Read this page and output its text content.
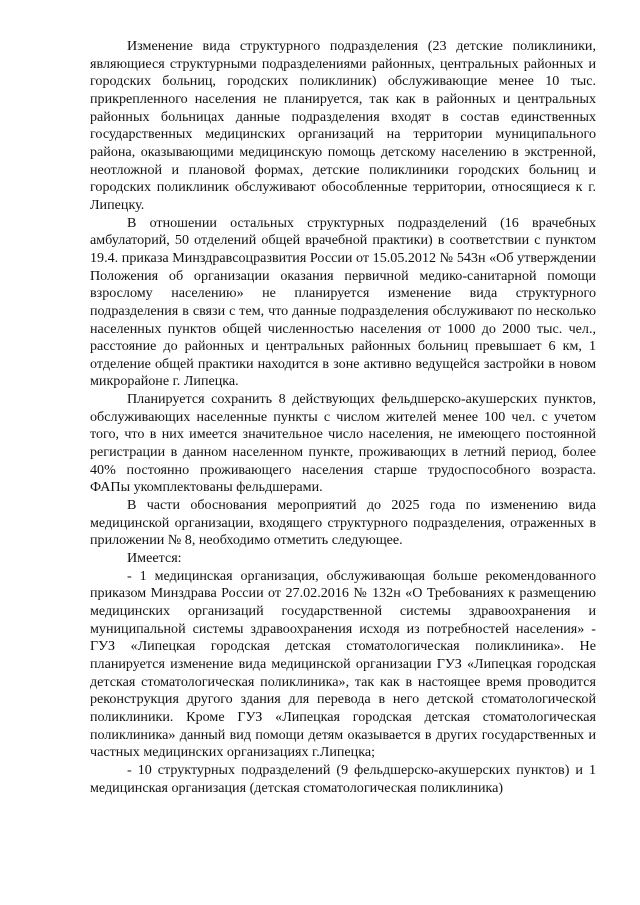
Изменение вида структурного подразделения (23 детские поликлиники, являющиеся структурными подразделениями районных, центральных районных и городских больниц, городских поликлиник) обслуживающие менее 10 тыс. прикрепленного населения не планируется, так как в районных и центральных районных больницах данные подразделения входят в состав единственных государственных медицинских организаций на территории муниципального района, оказывающими медицинскую помощь детскому населению в экстренной, неотложной и плановой формах, детские поликлиники городских больниц и городских поликлиник обслуживают обособленные территории, относящиеся к г. Липецку.

В отношении остальных структурных подразделений (16 врачебных амбулаторий, 50 отделений общей врачебной практики) в соответствии с пунктом 19.4. приказа Минздравсоцразвития России от 15.05.2012 № 543н «Об утверждении Положения об организации оказания первичной медико-санитарной помощи взрослому населению» не планируется изменение вида структурного подразделения в связи с тем, что данные подразделения обслуживают по несколько населенных пунктов общей численностью населения от 1000 до 2000 тыс. чел., расстояние до районных и центральных районных больниц превышает 6 км, 1 отделение общей практики находится в зоне активно ведущейся застройки в новом микрорайоне г. Липецка.

Планируется сохранить 8 действующих фельдшерско-акушерских пунктов, обслуживающих населенные пункты с числом жителей менее 100 чел. с учетом того, что в них имеется значительное число населения, не имеющего постоянной регистрации в данном населенном пункте, проживающих в летний период, более 40% постоянно проживающего населения старше трудоспособного возраста. ФАПы укомплектованы фельдшерами.

В части обоснования мероприятий до 2025 года по изменению вида медицинской организации, входящего структурного подразделения, отраженных в приложении № 8, необходимо отметить следующее.

Имеется:

- 1 медицинская организация, обслуживающая больше рекомендованного приказом Минздрава России от 27.02.2016 № 132н «О Требованиях к размещению медицинских организаций государственной системы здравоохранения и муниципальной системы здравоохранения исходя из потребностей населения» - ГУЗ «Липецкая городская детская стоматологическая поликлиника». Не планируется изменение вида медицинской организации ГУЗ «Липецкая городская детская стоматологическая поликлиника», так как в настоящее время проводится реконструкция другого здания для перевода в него детской стоматологической поликлиники. Кроме ГУЗ «Липецкая городская детская стоматологическая поликлиника» данный вид помощи детям оказывается в других государственных и частных медицинских организациях г.Липецка;

- 10 структурных подразделений (9 фельдшерско-акушерских пунктов) и 1 медицинская организация (детская стоматологическая поликлиника)
